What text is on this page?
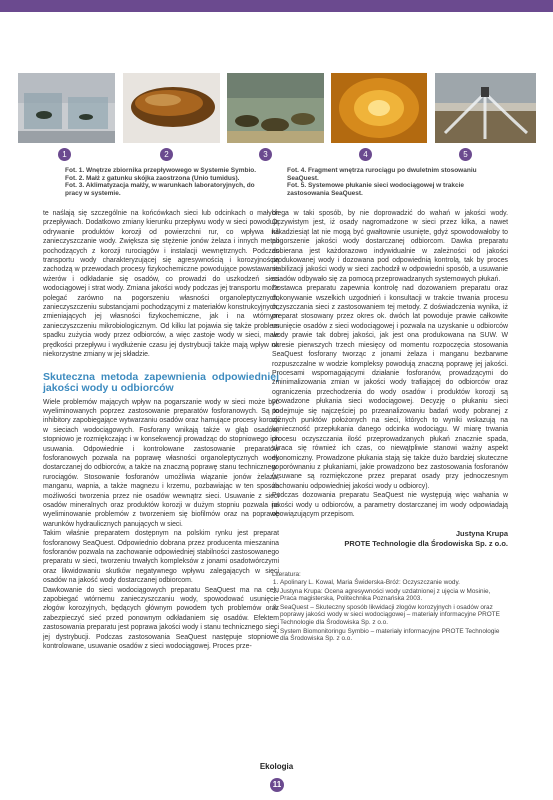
1	2	3	4	5
Fot. 1. Wnętrze zbiornika przepływowego w Systemie Symbio.
Fot. 2. Małż z gatunku skójka zaostrzona (Unio tumidus).
Fot. 3. Aklimatyzacja małży, w warunkach laboratoryjnych, do pracy w systemie.
Fot. 4. Fragment wnętrza rurociągu po dwuletnim stosowaniu SeaQuest.
Fot. 5. Systemowe płukanie sieci wodociągowej w trakcie zastosowania SeaQuest.

te naślają się szczególnie na końcówkach sieci lub odcinkach o małych przepływach. Dodatkowo zmiany kierunku przepływu wody w sieci powodują odrywanie produktów korozji od powierzchni rur, co wpływa na zanieczyszczanie wody. Zwiększa się stężenie jonów żelaza i innych metali pochodzących z korozji rurociągów i instalacji wewnętrznych. Podczas transportu wody charakteryzującej się agresywnością i korozyjnością zachodzą w przewodach procesy fizykochemiczne powodujące powstawanie wżerów i odkładanie się osadów, co prowadzi do uszkodzeń sieci wodociągowej i strat wody. Zmiana jakości wody podczas jej transportu może polegać zarówno na pogorszeniu własności organoleptycznych, zanieczyszczeniu substancjami pochodzącymi z materiałów konstrukcyjnych, zmieniających jej własności fizykochemiczne, jak i na wtórnym zanieczyszczeniu mikrobiologicznym. Od kilku lat pojawia się także problem spadku zużycia wody przez odbiorców, a więc zastoje wody w sieci, małe prędkości przepływu i wydłużenie czasu jej dystrybucji także mają wpływ na niekorzystne zmiany w jej składzie.

Skuteczna metoda zapewnienia odpowiedniej jakości wody u odbiorców

Wiele problemów mających wpływ na pogarszanie wody w sieci może być wyeliminowanych poprzez zastosowanie preparatów fosforanowych. Są to inhibitory zapobiegające wytwarzaniu osadów oraz hamujące procesy korozji w sieciach wodociągowych. Fosforany wnikają także w głąb osadów, stopniowo je rozmiękczając i w konsekwencji prowadząc do stopniowego ich usuwania. Odpowiednie i kontrolowane zastosowanie preparatów fosforanowych pozwala na poprawę własności organoleptycznych wody dostarczanej do odbiorców, a także na znaczną poprawę stanu technicznego rurociągów. Stosowanie fosforanów umożliwia wiązanie jonów żelaza, manganu, wapnia, a także magnezu i krzemu, pozbawiając w ten sposób możliwości tworzenia przez nie osadów wewnątrz sieci. Usuwanie z sieci osadów mineralnych oraz produktów korozji w dużym stopniu pozwala na wyeliminowanie problemów z tworzeniem się biofilmów oraz na poprawę warunków hydraulicznych panujących w sieci.

Takim właśnie preparatem dostępnym na polskim rynku jest preparat fosforanowy SeaQuest. Odpowiednio dobrana przez producenta mieszanina fosforanów pozwala na zachowanie odpowiedniej stabilności zastosowanego preparatu w sieci, tworzeniu trwałych kompleksów z jonami osadotwórczymi oraz likwidowaniu skutków negatywnego wpływu zalegających w sieci osadów na jakość wody dostarczanej odbiorcom.

Dawkowanie do sieci wodociągowych preparatu SeaQuest ma na celu zapobiegać wtórnemu zanieczyszczaniu wody, spowodować usunięcie złogów korozyjnych, będących głównym powodem tych problemów oraz zabezpieczyć sieć przed ponownym odkładaniem się osadów. Efektem zastosowania preparatu jest poprawa jakości wody i stanu technicznego sieci jej dystrybucji. Podczas zastosowania SeaQuest następuje stopniowe kontrolowane, usuwanie osadów z sieci wodociągowej. Proces prze-

biega w taki sposób, by nie doprowadzić do wahań w jakości wody. Oczywistym jest, iż osady nagromadzone w sieci przez kilka, a nawet kilkadziesiąt lat nie mogą być gwałtownie usunięte, gdyż spowodowałoby to pogorszenie jakości wody dostarczanej odbiorcom. Dawka preparatu dobierana jest każdorazowo indywidualnie w zależności od jakości produkowanej wody i dozowana pod odpowiednią kontrolą, tak by proces stabilizacji jakości wody w sieci zachodził w odpowiedni sposób, a usuwanie osadów odbywało się za pomocą przeprowadzanych systemowych płukań.

Dostawca preparatu zapewnia kontrolę nad dozowaniem preparatu oraz dokonywanie wszelkich uzgodnień i konsultacji w trakcie trwania procesu oczyszczania sieci z zastosowaniem tej metody. Z doświadczenia wynika, iż preparat stosowany przez okres ok. dwóch lat powoduje prawie całkowite usunięcie osadów z sieci wodociągowej i pozwala na uzyskanie u odbiorców wody prawie tak dobrej jakości, jak jest ona produkowana na SUW. W okresie pierwszych trzech miesięcy od momentu rozpoczęcia stosowania SeaQuest fosforany tworząc z jonami żelaza i manganu bezbarwne rozpuszczalne w wodzie kompleksy powodują znaczną poprawę jej jakości. Procesami wspomagającymi działanie fosforanów, prowadzącymi do zminimalizowania zmian w jakości wody trafiającej do odbiorców oraz ograniczenia przechodzenia do wody osadów i produktów korozji są prowadzone płukania sieci wodociągowej. Decyzję o płukaniu sieci podejmuje się najczęściej po przeanalizowaniu badań wody pobranej z różnych punktów położonych na sieci, których to wyniki wskazują na konieczność przepłukania danego odcinka wodociągu. W miarę trwania procesu oczyszczania ilość przeprowadzanych płukań znacznie spada, skraca się również ich czas, co niewątpliwie stanowi ważny aspekt ekonomiczny. Prowadzone płukania stają się także dużo bardziej skuteczne w porównaniu z płukaniami, jakie prowadzono bez zastosowania fosforanów (usuwane są rozmiękczone przez preparat osady przy jednoczesnym zachowaniu odpowiedniej jakości wody u odbiorcy).

Podczas dozowania preparatu SeaQuest nie występują więc wahania w jakości wody u odbiorców, a parametry dostarczanej im wody odpowiadają obowiązującym przepisom.

Justyna Krupa
PROTE Technologie dla Środowiska Sp. z o.o.
Literatura:
1. Apolinary L. Kowal, Maria Świderska-Bróż: Oczyszczanie wody.
2. Justyna Krupa: Ocena agresywności wody uzdatnionej z ujęcia w Mosinie, Praca magisterska, Politechnika Poznańska 2003.
3. SeaQuest – Skuteczny sposób likwidacji złogów korozyjnych i osadów oraz poprawy jakości wody w sieci wodociągowej – materiały informacyjne PROTE Technologie dla Środowiska Sp. z o.o.
4. System Biomonitoringu Symbio – materiały informacyjne PROTE Technologie dla Środowiska Sp. z o.o.
Ekologia
11
